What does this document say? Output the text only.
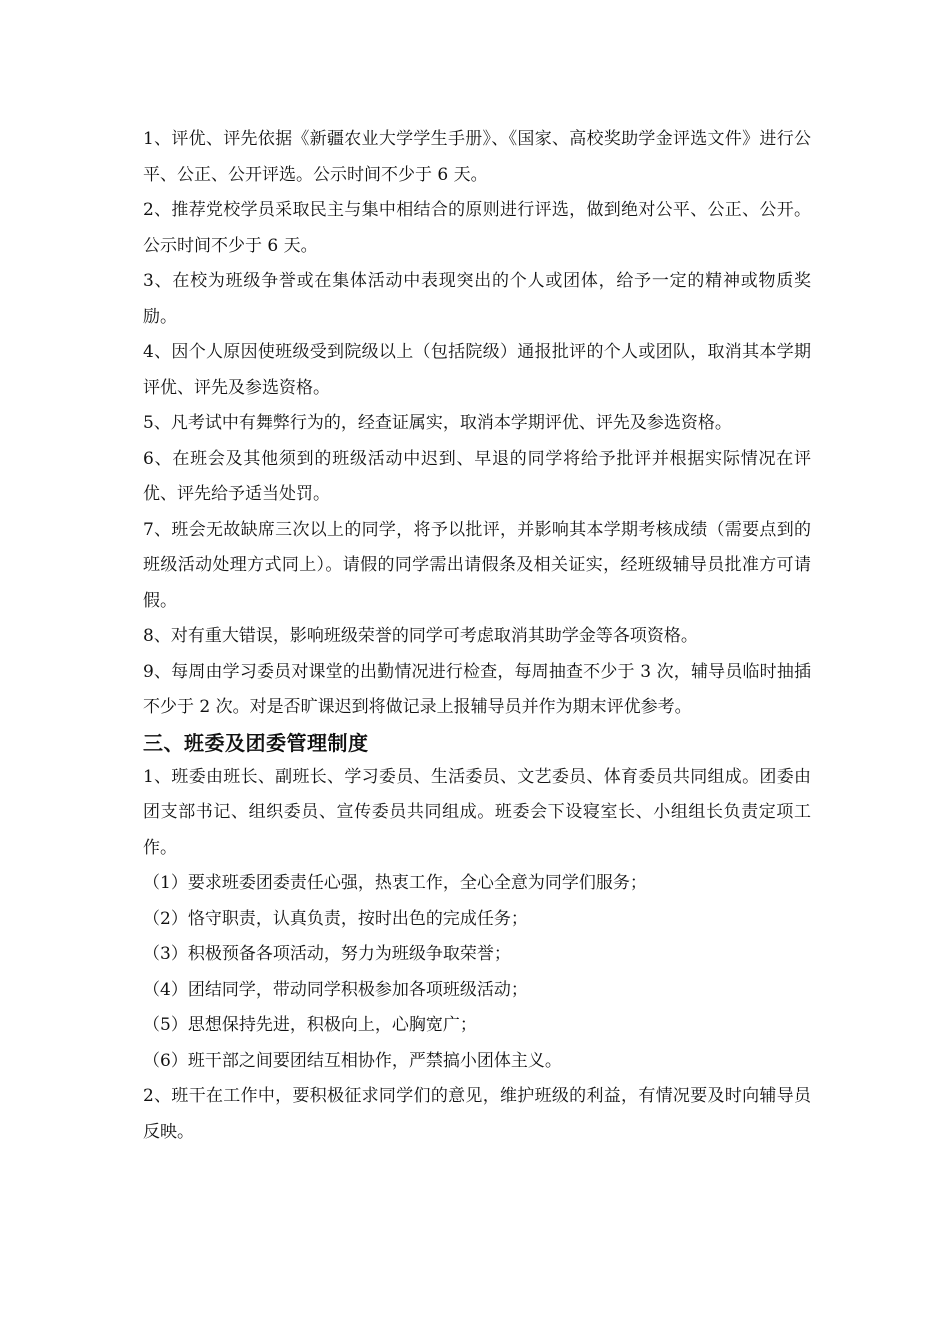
1、评优、评先依据《新疆农业大学学生手册》、《国家、高校奖助学金评选文件》进行公平、公正、公开评选。公示时间不少于 6 天。

2、推荐党校学员采取民主与集中相结合的原则进行评选，做到绝对公平、公正、公开。公示时间不少于 6 天。

3、在校为班级争誉或在集体活动中表现突出的个人或团体，给予一定的精神或物质奖励。

4、因个人原因使班级受到院级以上（包括院级）通报批评的个人或团队，取消其本学期评优、评先及参选资格。

5、凡考试中有舞弊行为的，经查证属实，取消本学期评优、评先及参选资格。

6、在班会及其他须到的班级活动中迟到、早退的同学将给予批评并根据实际情况在评优、评先给予适当处罚。

7、班会无故缺席三次以上的同学，将予以批评，并影响其本学期考核成绩（需要点到的班级活动处理方式同上）。请假的同学需出请假条及相关证实，经班级辅导员批准方可请假。

8、对有重大错误，影响班级荣誉的同学可考虑取消其助学金等各项资格。

9、每周由学习委员对课堂的出勤情况进行检查，每周抽查不少于 3 次，辅导员临时抽插不少于 2 次。对是否旷课迟到将做记录上报辅导员并作为期末评优参考。

三、班委及团委管理制度

1、班委由班长、副班长、学习委员、生活委员、文艺委员、体育委员共同组成。团委由团支部书记、组织委员、宣传委员共同组成。班委会下设寝室长、小组组长负责定项工作。

（1）要求班委团委责任心强，热衷工作，全心全意为同学们服务；

（2）恪守职责，认真负责，按时出色的完成任务；

（3）积极预备各项活动，努力为班级争取荣誉；

（4）团结同学，带动同学积极参加各项班级活动；

（5）思想保持先进，积极向上，心胸宽广；

（6）班干部之间要团结互相协作，严禁搞小团体主义。

2、班干在工作中，要积极征求同学们的意见，维护班级的利益，有情况要及时向辅导员反映。
